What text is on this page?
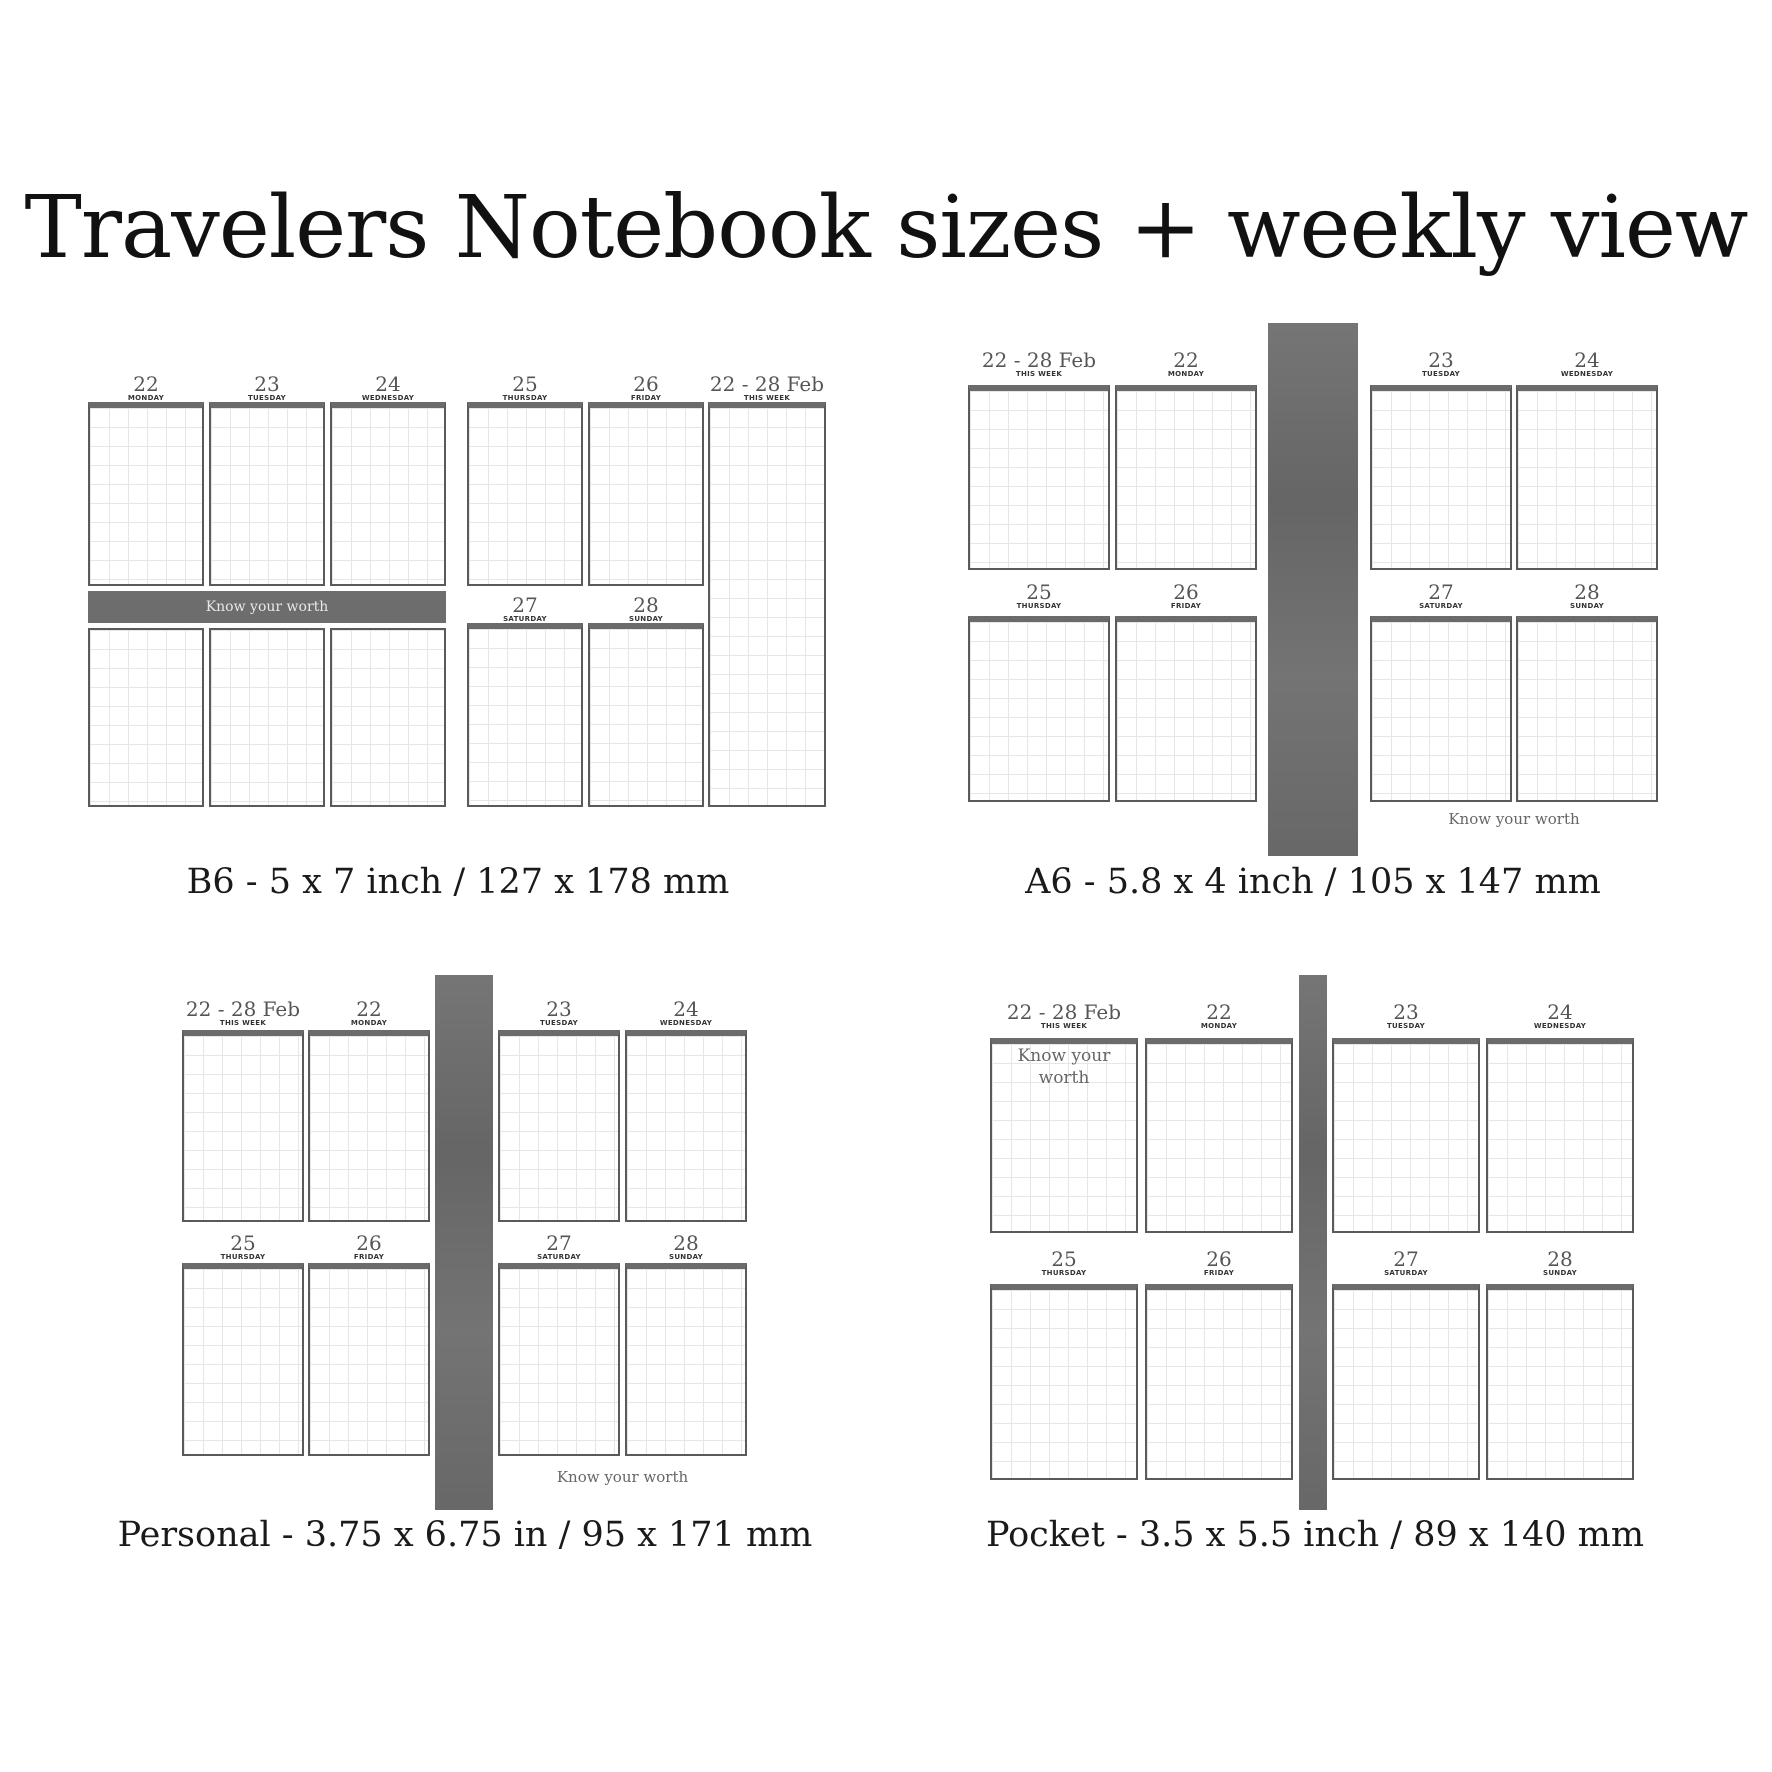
Travelers Notebook sizes + weekly view
22
MONDAY
23
TUESDAY
24
WEDNESDAY
25
THURSDAY
26
FRIDAY
22 - 28 Feb
THIS WEEK
Know your worth	27
SATURDAY
28
SUNDAY
B6 - 5 x 7 inch / 127 x 178 mm
22 - 28 Feb
THIS WEEK
22
MONDAY
23
TUESDAY
24
WEDNESDAY
25
THURSDAY
26
FRIDAY
27
SATURDAY
28
SUNDAY
Know your worth
A6 - 5.8 x 4 inch / 105 x 147 mm
22 - 28 Feb
THIS WEEK
22
MONDAY
23
TUESDAY
24
WEDNESDAY
25
THURSDAY
26
FRIDAY
27
SATURDAY
28
SUNDAY
Know your worth
Personal - 3.75 x 6.75 in / 95 x 171 mm
22 - 28 Feb
THIS WEEK
22
MONDAY
23
TUESDAY
24
WEDNESDAY
Know your
worth
25
THURSDAY
26
FRIDAY
27
SATURDAY
28
SUNDAY
Pocket - 3.5 x 5.5 inch / 89 x 140 mm
